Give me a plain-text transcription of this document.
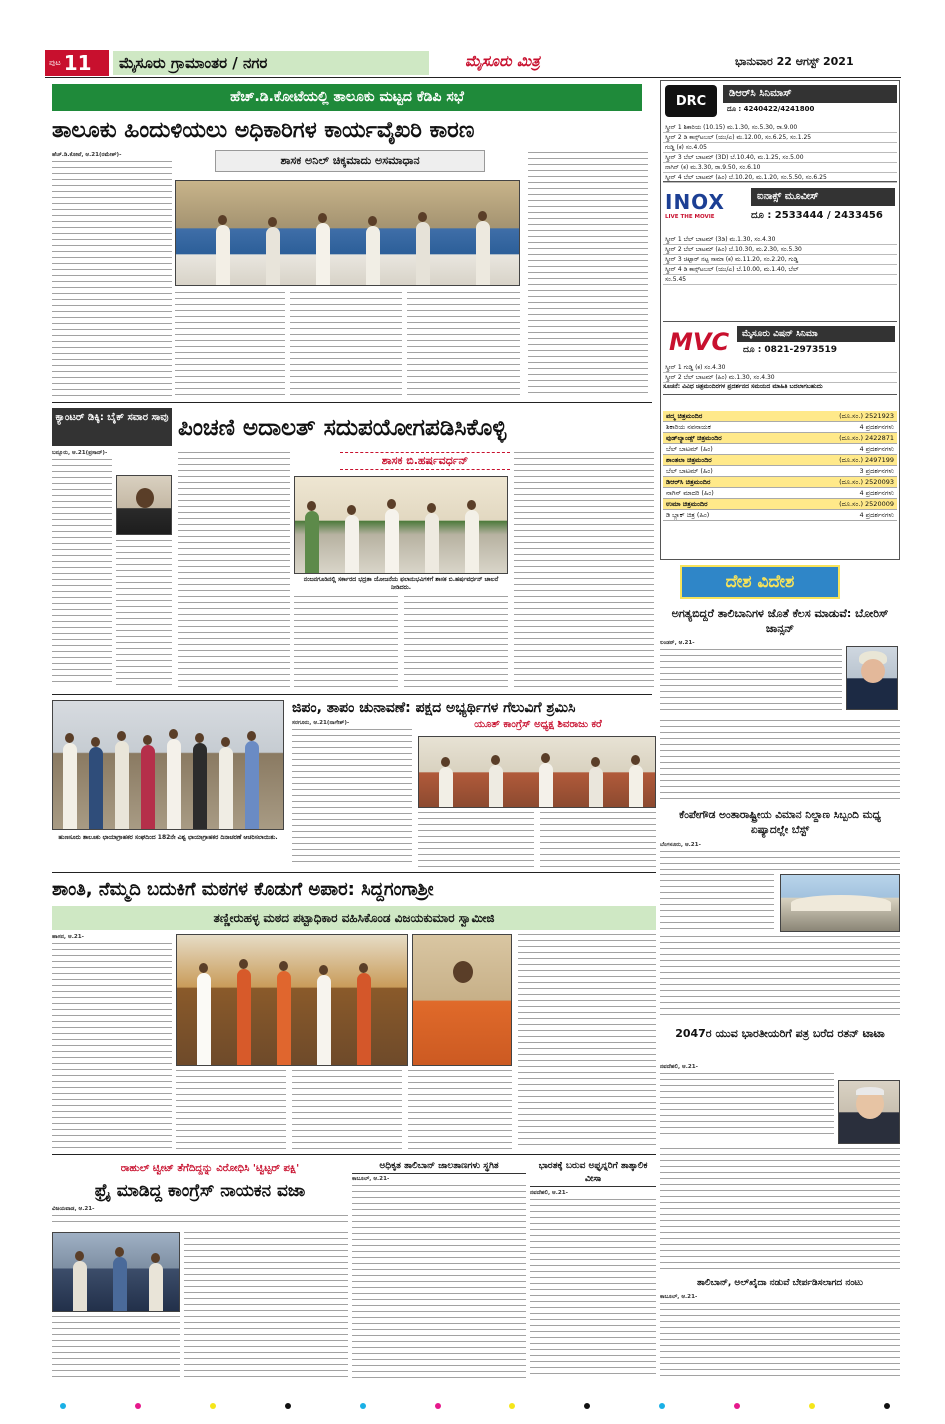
ಪುಟ 11	ಮೈಸೂರು ಗ್ರಾಮಾಂತರ / ನಗರ	ಮೈಸೂರು ಮಿತ್ರ	ಭಾನುವಾರ 22 ಆಗಸ್ಟ್ 2021
ಹೆಚ್.ಡಿ.ಕೋಟೆಯಲ್ಲಿ ತಾಲೂಕು ಮಟ್ಟದ ಕೆಡಿಪಿ ಸಭೆ
ತಾಲೂಕು ಹಿಂದುಳಿಯಲು ಅಧಿಕಾರಿಗಳ ಕಾರ್ಯವೈಖರಿ ಕಾರಣ
ಶಾಸಕ ಅನಿಲ್ ಚಿಕ್ಕಮಾದು ಅಸಮಾಧಾನ
ಹೆಚ್.ಡಿ.ಕೋಟೆ, ಆ.21(ರಮೇಶ್)-
DRC	ಡಿಆರ್‌ಸಿ ಸಿನಿಮಾಸ್
ದೂ : 4240422/4241800
ಸ್ಕ್ರೀನ್ 1 ಶಿಕಾರಿಯ (10.15) ಮ.1.30, ಸಂ.5.30, ರಾ.9.00
ಸ್ಕ್ರೀನ್ 2 ಡಿ ಕಾನ್ಸ್‌ಟಬಲ್ (ಯು/ಎ) ಮ.12.00, ಸಂ.6.25, ಸಂ.1.25
ಗುಡ್ಡಿ (ಕ) ಸಂ.4.05
ಸ್ಕ್ರೀನ್ 3 ಬೆಲ್ ಬಾಟಮ್ (3D) ಬೆ.10.40, ಮ.1.25, ಸಂ.5.00
ನಾಗಿನ್ (ಕ) ಮ.3.30, ರಾ.9.50, ಸಂ.6.10
ಸ್ಕ್ರೀನ್ 4 ಬೆಲ್ ಬಾಟಮ್ (ಹಿಂ) ಬೆ.10.20, ಮ.1.20, ಸಂ.5.50, ಸಂ.6.25
INOX
LIVE THE MOVIE
ಐನಾಕ್ಸ್ ಮೂವೀಸ್
ದೂ : 2533444 / 2433456
ಸ್ಕ್ರೀನ್ 1 ಬೆಲ್ ಬಾಟಮ್ (3ಡಿ) ಮ.1.30, ಸಂ.4.30
ಸ್ಕ್ರೀನ್ 2 ಬೆಲ್ ಬಾಟಮ್ (ಹಿಂ) ಬೆ.10.30, ಮ.2.30, ಸಂ.5.30
ಸ್ಕ್ರೀನ್ 3 ಚಿಟ್ಟಾರ್ ನಟ್ಟ ಸಾಮಾ (ಕ) ಮ.11.20, ಸಂ.2.20, ಗುಡ್ಡಿ
ಸ್ಕ್ರೀನ್ 4 ಡಿ ಕಾನ್ಸ್‌ಟಬಲ್ (ಯು/ಎ) ಬೆ.10.00, ಮ.1.40, ಬೆಲ್
ಸಂ.5.45
MVC	ಮೈಸೂರು ವಿಷನ್ ಸಿನಿಮಾ
ದೂ : 0821-2973519
ಸ್ಕ್ರೀನ್ 1 ಗುಡ್ಡಿ (ಕ) ಸಂ.4.30
ಸ್ಕ್ರೀನ್ 2 ಬೆಲ್ ಬಾಟಮ್ (ಹಿಂ) ಮ.1.30, ಸಂ.4.30
ಸೂಚನೆ: ವಿವಿಧ ಚಿತ್ರಮಂದಿರಗಳ ಪ್ರದರ್ಶನದ ಸಮಯದ ಮಾಹಿತಿ ಬದಲಾಗಬಹುದು
ಪದ್ಮ ಚಿತ್ರಮಂದಿರ	(ದೂ.ಸಂ.) 2521923
ಶಿಕಾರಿಯ ನವನಾಯಕ	4 ಪ್ರದರ್ಶನಗಳು
ವುಡ್‌ಲ್ಯಾಂಡ್ಸ್ ಚಿತ್ರಮಂದಿರ	(ದೂ.ಸಂ.) 2422871
ಬೆಲ್ ಬಾಟಮ್ (ಹಿಂ)	4 ಪ್ರದರ್ಶನಗಳು
ಶಾಂತಲಾ ಚಿತ್ರಮಂದಿರ	(ದೂ.ಸಂ.) 2497199
ಬೆಲ್ ಬಾಟಮ್ (ಹಿಂ)	3 ಪ್ರದರ್ಶನಗಳು
ಡಿಆರ್‌ಸಿ ಚಿತ್ರಮಂದಿರ	(ದೂ.ಸಂ.) 2520093
ನಾಗಿನ್ ಮಾದರಿ (ಹಿಂ)	4 ಪ್ರದರ್ಶನಗಳು
ಉಮಾ ಚಿತ್ರಮಂದಿರ	(ದೂ.ಸಂ.) 2520009
ಡಿ ಬ್ಲಾಕ್ ಚಿತ್ರ (ಹಿಂ)	4 ಪ್ರದರ್ಶನಗಳು
ಕ್ಯಾಂಟರ್ ಡಿಕ್ಕಿ: ಬೈಕ್ ಸವಾರ ಸಾವು
ಬನ್ನೂರು, ಆ.21(ಪ್ರಸಾದ್)-
ಪಿಂಚಣಿ ಅದಾಲತ್ ಸದುಪಯೋಗಪಡಿಸಿಕೊಳ್ಳಿ
ಶಾಸಕ ಬಿ.ಹರ್ಷವರ್ಧನ್
ನಂಜನಗೂಡಿನಲ್ಲಿ ಸರ್ಕಾರದ ಭದ್ರತಾ ಯೋಜನೆಯ ಫಲಾನುಭವಿಗಳಿಗೆ ಶಾಸಕ ಬಿ.ಹರ್ಷವರ್ಧನ್ ಚಾಲನೆ ನೀಡಿದರು.	ದೇಶ ವಿದೇಶ
ಅಗತ್ಯಬಿದ್ದರೆ ತಾಲಿಬಾನಿಗಳ ಜೊತೆ ಕೆಲಸ ಮಾಡುವೆ: ಬೋರಿಸ್ ಜಾನ್ಸನ್
ಲಂಡನ್, ಆ.21-
ಕೆಂಪೇಗೌಡ ಅಂತಾರಾಷ್ಟ್ರೀಯ ವಿಮಾನ ನಿಲ್ದಾಣ ಸಿಬ್ಬಂದಿ ಮಧ್ಯ ಏಷ್ಯಾದಲ್ಲೇ ಬೆಸ್ಟ್
ಬೆಂಗಳೂರು, ಆ.21-
2047ರ ಯುವ ಭಾರತೀಯರಿಗೆ ಪತ್ರ ಬರೆದ ರತನ್ ಟಾಟಾ
ನವದೆಹಲಿ, ಆ.21-
ತಾಲಿಬಾನ್, ಅಲ್‌ಖೈದಾ ನಡುವೆ ಬೇರ್ಪಡಿಸಲಾಗದ ನಂಟು
ಕಾಬೂಲ್, ಆ.21-
ಹುಣಸೂರು ತಾಲೂಕು ಛಾಯಾಗ್ರಾಹಕರ ಸಂಘದಿಂದ 182ನೇ ವಿಶ್ವ ಛಾಯಾಗ್ರಾಹಕರ ದಿನಾಚರಣೆ ಆಚರಿಸಲಾಯಿತು.
ಜಿಪಂ, ತಾಪಂ ಚುನಾವಣೆ: ಪಕ್ಷದ ಅಭ್ಯರ್ಥಿಗಳ ಗೆಲುವಿಗೆ ಶ್ರಮಿಸಿ
ಯೂತ್ ಕಾಂಗ್ರೆಸ್ ಅಧ್ಯಕ್ಷ ಶಿವರಾಜು ಕರೆ
ಸರಗೂರು, ಆ.21(ನಾಗೇಶ್)-
ಶಾಂತಿ, ನೆಮ್ಮದಿ ಬದುಕಿಗೆ ಮಠಗಳ ಕೊಡುಗೆ ಅಪಾರ: ಸಿದ್ದಗಂಗಾಶ್ರೀ
ತಣ್ಣೀರುಹಳ್ಳ ಮಠದ ಪಟ್ಟಾಧಿಕಾರ ವಹಿಸಿಕೊಂಡ ವಿಜಯಕುಮಾರ ಸ್ವಾಮೀಜಿ
ಹಾಸನ, ಆ.21-
ರಾಹುಲ್ ಟ್ವೀಟ್ ತೆಗೆದಿದ್ದನ್ನು ವಿರೋಧಿಸಿ 'ಟ್ವಿಟ್ಟರ್ ಪಕ್ಷಿ'
ಫ್ರೈ ಮಾಡಿದ್ದ ಕಾಂಗ್ರೆಸ್ ನಾಯಕನ ವಜಾ
ವಿಜಯವಾಡ, ಆ.21-
ಅಧಿಕೃತ ತಾಲಿಬಾನ್ ಜಾಲತಾಣಗಳು ಸ್ಥಗಿತ
ಕಾಬೂಲ್, ಆ.21-
ಭಾರತಕ್ಕೆ ಬರುವ ಅಫ್ಘನ್ನರಿಗೆ ತಾತ್ಕಾಲಿಕ ವೀಸಾ
ನವದೆಹಲಿ, ಆ.21-
